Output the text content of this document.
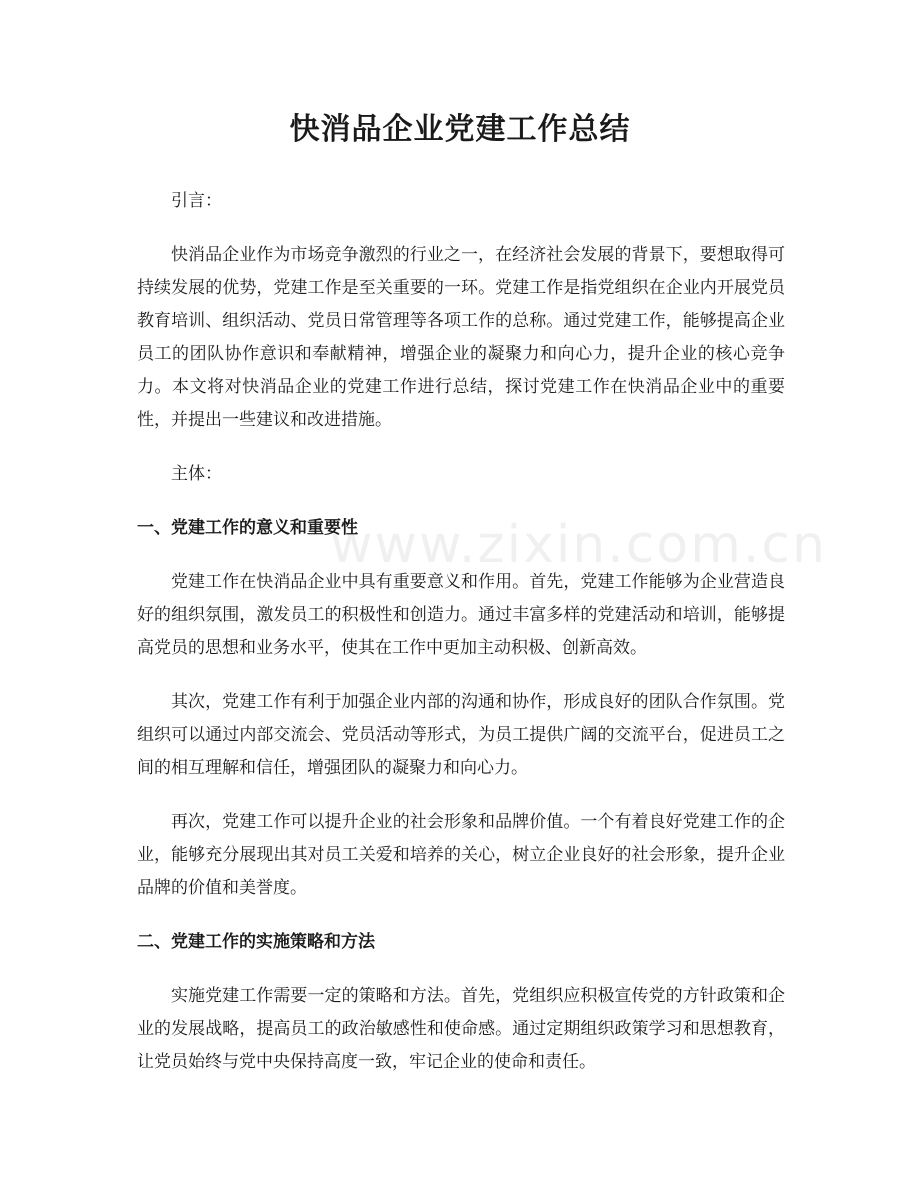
快消品企业党建工作总结
www.zixin.com.cn

引言：

快消品企业作为市场竞争激烈的行业之一，在经济社会发展的背景下，要想取得可持续发展的优势，党建工作是至关重要的一环。党建工作是指党组织在企业内开展党员教育培训、组织活动、党员日常管理等各项工作的总称。通过党建工作，能够提高企业员工的团队协作意识和奉献精神，增强企业的凝聚力和向心力，提升企业的核心竞争力。本文将对快消品企业的党建工作进行总结，探讨党建工作在快消品企业中的重要性，并提出一些建议和改进措施。

主体：

一、党建工作的意义和重要性

党建工作在快消品企业中具有重要意义和作用。首先，党建工作能够为企业营造良好的组织氛围，激发员工的积极性和创造力。通过丰富多样的党建活动和培训，能够提高党员的思想和业务水平，使其在工作中更加主动积极、创新高效。

其次，党建工作有利于加强企业内部的沟通和协作，形成良好的团队合作氛围。党组织可以通过内部交流会、党员活动等形式，为员工提供广阔的交流平台，促进员工之间的相互理解和信任，增强团队的凝聚力和向心力。

再次，党建工作可以提升企业的社会形象和品牌价值。一个有着良好党建工作的企业，能够充分展现出其对员工关爱和培养的关心，树立企业良好的社会形象，提升企业品牌的价值和美誉度。

二、党建工作的实施策略和方法

实施党建工作需要一定的策略和方法。首先，党组织应积极宣传党的方针政策和企业的发展战略，提高员工的政治敏感性和使命感。通过定期组织政策学习和思想教育，让党员始终与党中央保持高度一致，牢记企业的使命和责任。
